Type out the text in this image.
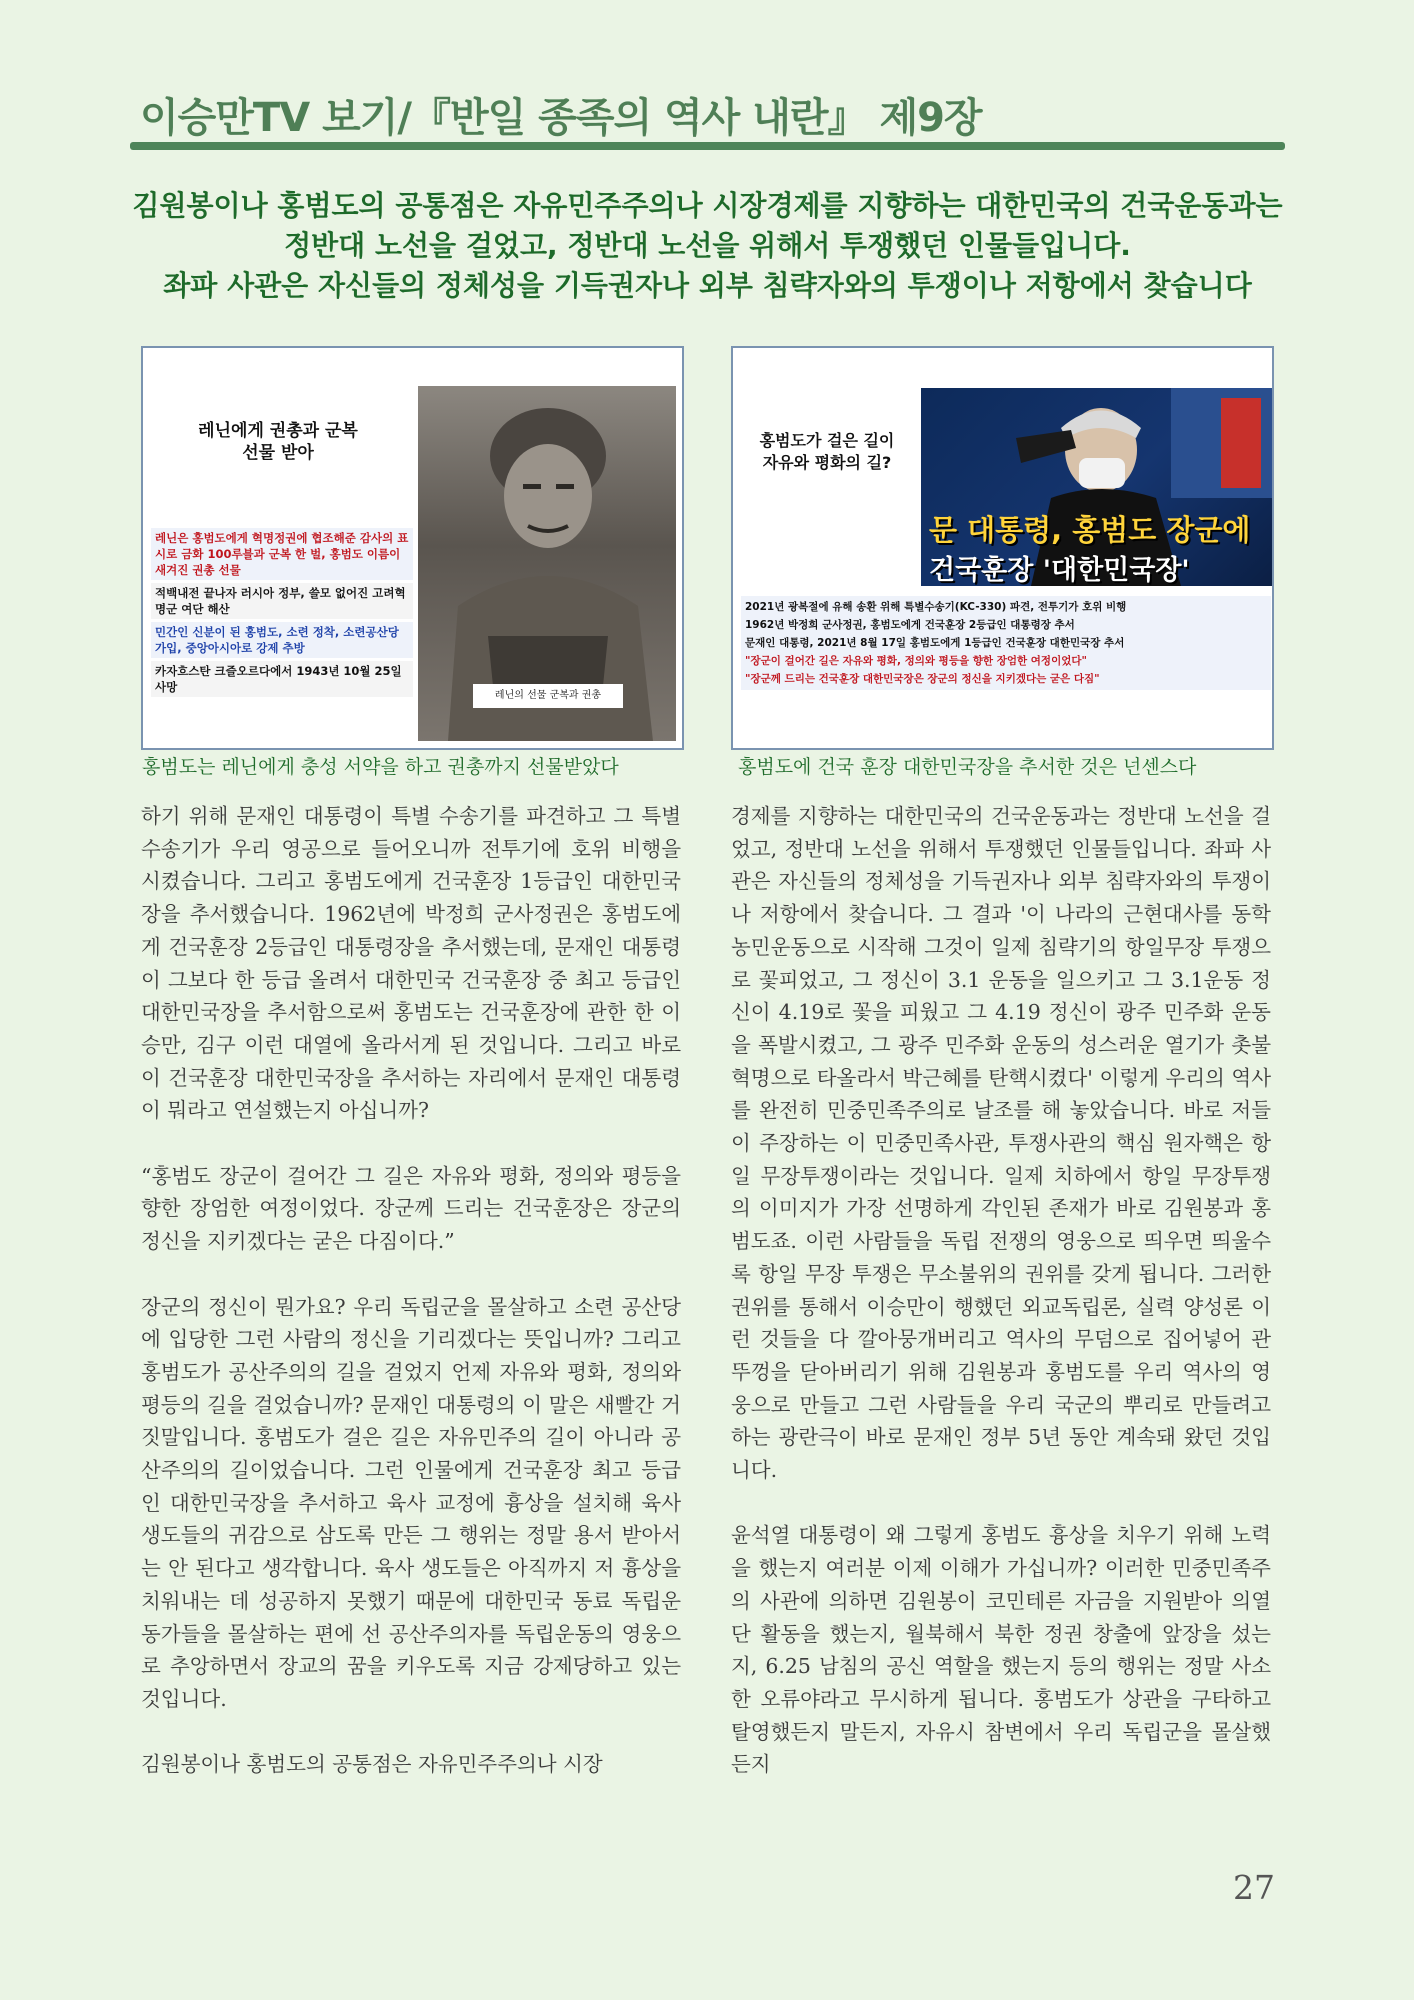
이승만TV 보기/『반일 종족의 역사 내란』 제9장
김원봉이나 홍범도의 공통점은 자유민주주의나 시장경제를 지향하는 대한민국의 건국운동과는
정반대 노선을 걸었고, 정반대 노선을 위해서 투쟁했던 인물들입니다.
좌파 사관은 자신들의 정체성을 기득권자나 외부 침략자와의 투쟁이나 저항에서 찾습니다
레닌에게 권총과 군복
선물 받아
레닌은 홍범도에게 혁명정권에 협조해준 감사의 표시로 금화 100루블과 군복 한 벌, 홍범도 이름이 새겨진 권총 선물
적백내전 끝나자 러시아 정부, 쓸모 없어진 고려혁명군 여단 해산
민간인 신분이 된 홍범도, 소련 정착, 소련공산당 가입, 중앙아시아로 강제 추방
카자흐스탄 크즐오르다에서 1943년 10월 25일 사망
레닌의 선물 군복과 권총
홍범도는 레닌에게 충성 서약을 하고 권총까지 선물받았다
홍범도가 걸은 길이
자유와 평화의 길?
문 대통령, 홍범도 장군에
건국훈장 '대한민국장'
2021년 광복절에 유해 송환 위해 특별수송기(KC-330) 파견, 전투기가 호위 비행
1962년 박정희 군사정권, 홍범도에게 건국훈장 2등급인 대통령장 추서
문재인 대통령, 2021년 8월 17일 홍범도에게 1등급인 건국훈장 대한민국장 추서
"장군이 걸어간 길은 자유와 평화, 정의와 평등을 향한 장엄한 여정이었다"
"장군께 드리는 건국훈장 대한민국장은 장군의 정신을 지키겠다는 굳은 다짐"
홍범도에 건국 훈장 대한민국장을 추서한 것은 넌센스다

하기 위해 문재인 대통령이 특별 수송기를 파견하고 그 특별 수송기가 우리 영공으로 들어오니까 전투기에 호위 비행을 시켰습니다. 그리고 홍범도에게 건국훈장 1등급인 대한민국장을 추서했습니다. 1962년에 박정희 군사정권은 홍범도에게 건국훈장 2등급인 대통령장을 추서했는데, 문재인 대통령이 그보다 한 등급 올려서 대한민국 건국훈장 중 최고 등급인 대한민국장을 추서함으로써 홍범도는 건국훈장에 관한 한 이승만, 김구 이런 대열에 올라서게 된 것입니다. 그리고 바로 이 건국훈장 대한민국장을 추서하는 자리에서 문재인 대통령이 뭐라고 연설했는지 아십니까?

“홍범도 장군이 걸어간 그 길은 자유와 평화, 정의와 평등을 향한 장엄한 여정이었다. 장군께 드리는 건국훈장은 장군의 정신을 지키겠다는 굳은 다짐이다.”

장군의 정신이 뭔가요? 우리 독립군을 몰살하고 소련 공산당에 입당한 그런 사람의 정신을 기리겠다는 뜻입니까? 그리고 홍범도가 공산주의의 길을 걸었지 언제 자유와 평화, 정의와 평등의 길을 걸었습니까? 문재인 대통령의 이 말은 새빨간 거짓말입니다. 홍범도가 걸은 길은 자유민주의 길이 아니라 공산주의의 길이었습니다. 그런 인물에게 건국훈장 최고 등급인 대한민국장을 추서하고 육사 교정에 흉상을 설치해 육사 생도들의 귀감으로 삼도록 만든 그 행위는 정말 용서 받아서는 안 된다고 생각합니다. 육사 생도들은 아직까지 저 흉상을 치워내는 데 성공하지 못했기 때문에 대한민국 동료 독립운동가들을 몰살하는 편에 선 공산주의자를 독립운동의 영웅으로 추앙하면서 장교의 꿈을 키우도록 지금 강제당하고 있는 것입니다.

김원봉이나 홍범도의 공통점은 자유민주주의나 시장

경제를 지향하는 대한민국의 건국운동과는 정반대 노선을 걸었고, 정반대 노선을 위해서 투쟁했던 인물들입니다. 좌파 사관은 자신들의 정체성을 기득권자나 외부 침략자와의 투쟁이나 저항에서 찾습니다. 그 결과 '이 나라의 근현대사를 동학 농민운동으로 시작해 그것이 일제 침략기의 항일무장 투쟁으로 꽃피었고, 그 정신이 3.1 운동을 일으키고 그 3.1운동 정신이 4.19로 꽃을 피웠고 그 4.19 정신이 광주 민주화 운동을 폭발시켰고, 그 광주 민주화 운동의 성스러운 열기가 촛불 혁명으로 타올라서 박근혜를 탄핵시켰다' 이렇게 우리의 역사를 완전히 민중민족주의로 날조를 해 놓았습니다. 바로 저들이 주장하는 이 민중민족사관, 투쟁사관의 핵심 원자핵은 항일 무장투쟁이라는 것입니다. 일제 치하에서 항일 무장투쟁의 이미지가 가장 선명하게 각인된 존재가 바로 김원봉과 홍범도죠. 이런 사람들을 독립 전쟁의 영웅으로 띄우면 띄울수록 항일 무장 투쟁은 무소불위의 권위를 갖게 됩니다. 그러한 권위를 통해서 이승만이 행했던 외교독립론, 실력 양성론 이런 것들을 다 깔아뭉개버리고 역사의 무덤으로 집어넣어 관뚜껑을 닫아버리기 위해 김원봉과 홍범도를 우리 역사의 영웅으로 만들고 그런 사람들을 우리 국군의 뿌리로 만들려고 하는 광란극이 바로 문재인 정부 5년 동안 계속돼 왔던 것입니다.

윤석열 대통령이 왜 그렇게 홍범도 흉상을 치우기 위해 노력을 했는지 여러분 이제 이해가 가십니까? 이러한 민중민족주의 사관에 의하면 김원봉이 코민테른 자금을 지원받아 의열단 활동을 했는지, 월북해서 북한 정권 창출에 앞장을 섰는지, 6.25 남침의 공신 역할을 했는지 등의 행위는 정말 사소한 오류야라고 무시하게 됩니다. 홍범도가 상관을 구타하고 탈영했든지 말든지, 자유시 참변에서 우리 독립군을 몰살했든지

27
